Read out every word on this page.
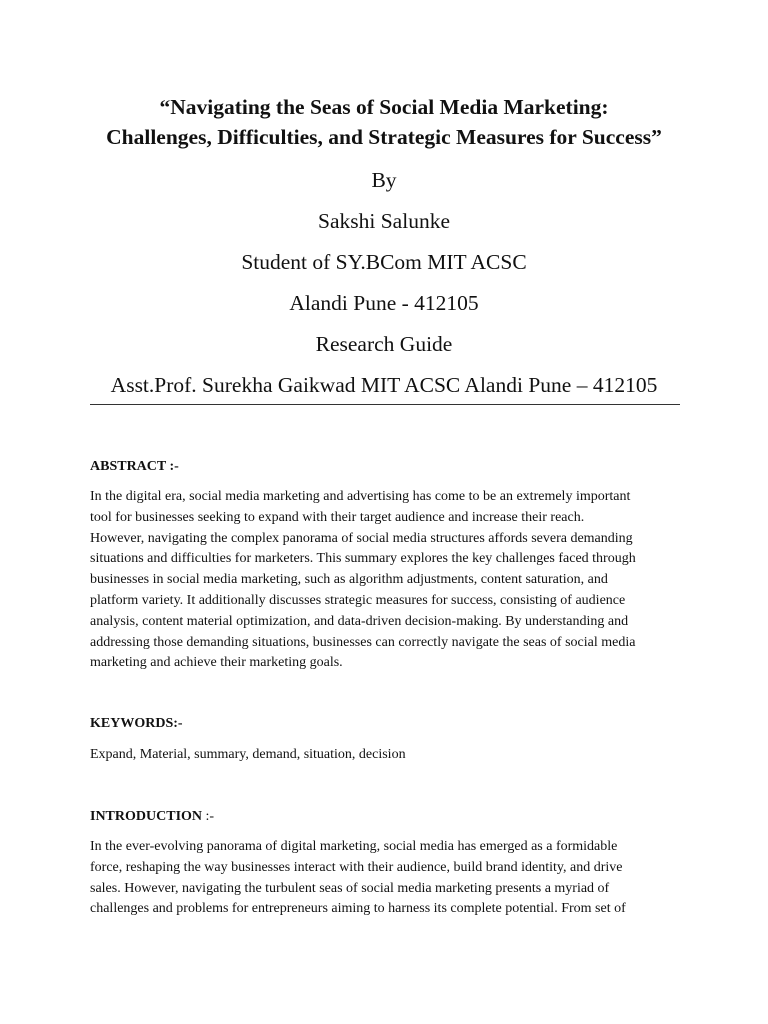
“Navigating the Seas of Social Media Marketing:
Challenges, Difficulties, and Strategic Measures for Success”
By
Sakshi Salunke
Student of SY.BCom MIT ACSC
Alandi Pune - 412105
Research Guide
Asst.Prof. Surekha Gaikwad MIT ACSC Alandi Pune – 412105
ABSTRACT :-
In the digital era, social media marketing and advertising has come to be an extremely important
tool for businesses seeking to expand with their target audience and increase their reach.
However, navigating the complex panorama of social media structures affords severa demanding
situations and difficulties for marketers. This summary explores the key challenges faced through
businesses in social media marketing, such as algorithm adjustments, content saturation, and
platform variety. It additionally discusses strategic measures for success, consisting of audience
analysis, content material optimization, and data-driven decision-making. By understanding and
addressing those demanding situations, businesses can correctly navigate the seas of social media
marketing and achieve their marketing goals.
KEYWORDS:-
Expand, Material, summary, demand, situation, decision
INTRODUCTION :-
In the ever-evolving panorama of digital marketing, social media has emerged as a formidable
force, reshaping the way businesses interact with their audience, build brand identity, and drive
sales. However, navigating the turbulent seas of social media marketing presents a myriad of
challenges and problems for entrepreneurs aiming to harness its complete potential. From set of
